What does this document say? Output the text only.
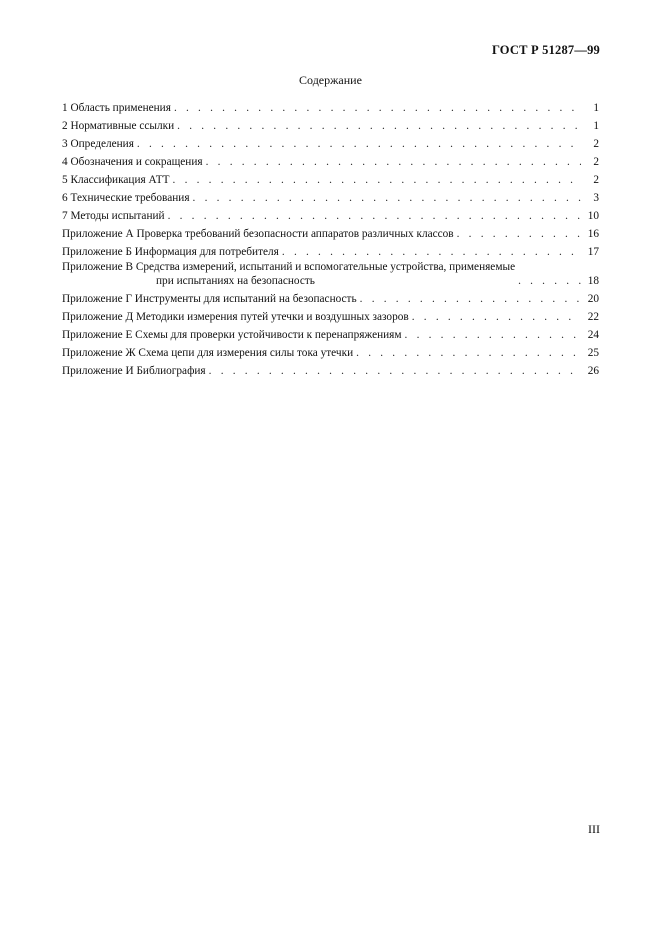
ГОСТ Р 51287—99
Содержание
1 Область применения . . .	1
2 Нормативные ссылки . . .	1
3 Определения . . .	2
4 Обозначения и сокращения . . .	2
5 Классификация АТТ . . .	2
6 Технические требования . . .	3
7 Методы испытаний . . .	10
Приложение А Проверка требований безопасности аппаратов различных классов . . .	16
Приложение Б Информация для потребителя . . .	17
Приложение В Средства измерений, испытаний и вспомогательные устройства, применяемые
при испытаниях на безопасность . . .	18
Приложение Г Инструменты для испытаний на безопасность . . .	20
Приложение Д Методики измерения путей утечки и воздушных зазоров . . .	22
Приложение Е Схемы для проверки устойчивости к перенапряжениям . . .	24
Приложение Ж Схема цепи для измерения силы тока утечки . . .	25
Приложение И Библиография . . .	26
III
